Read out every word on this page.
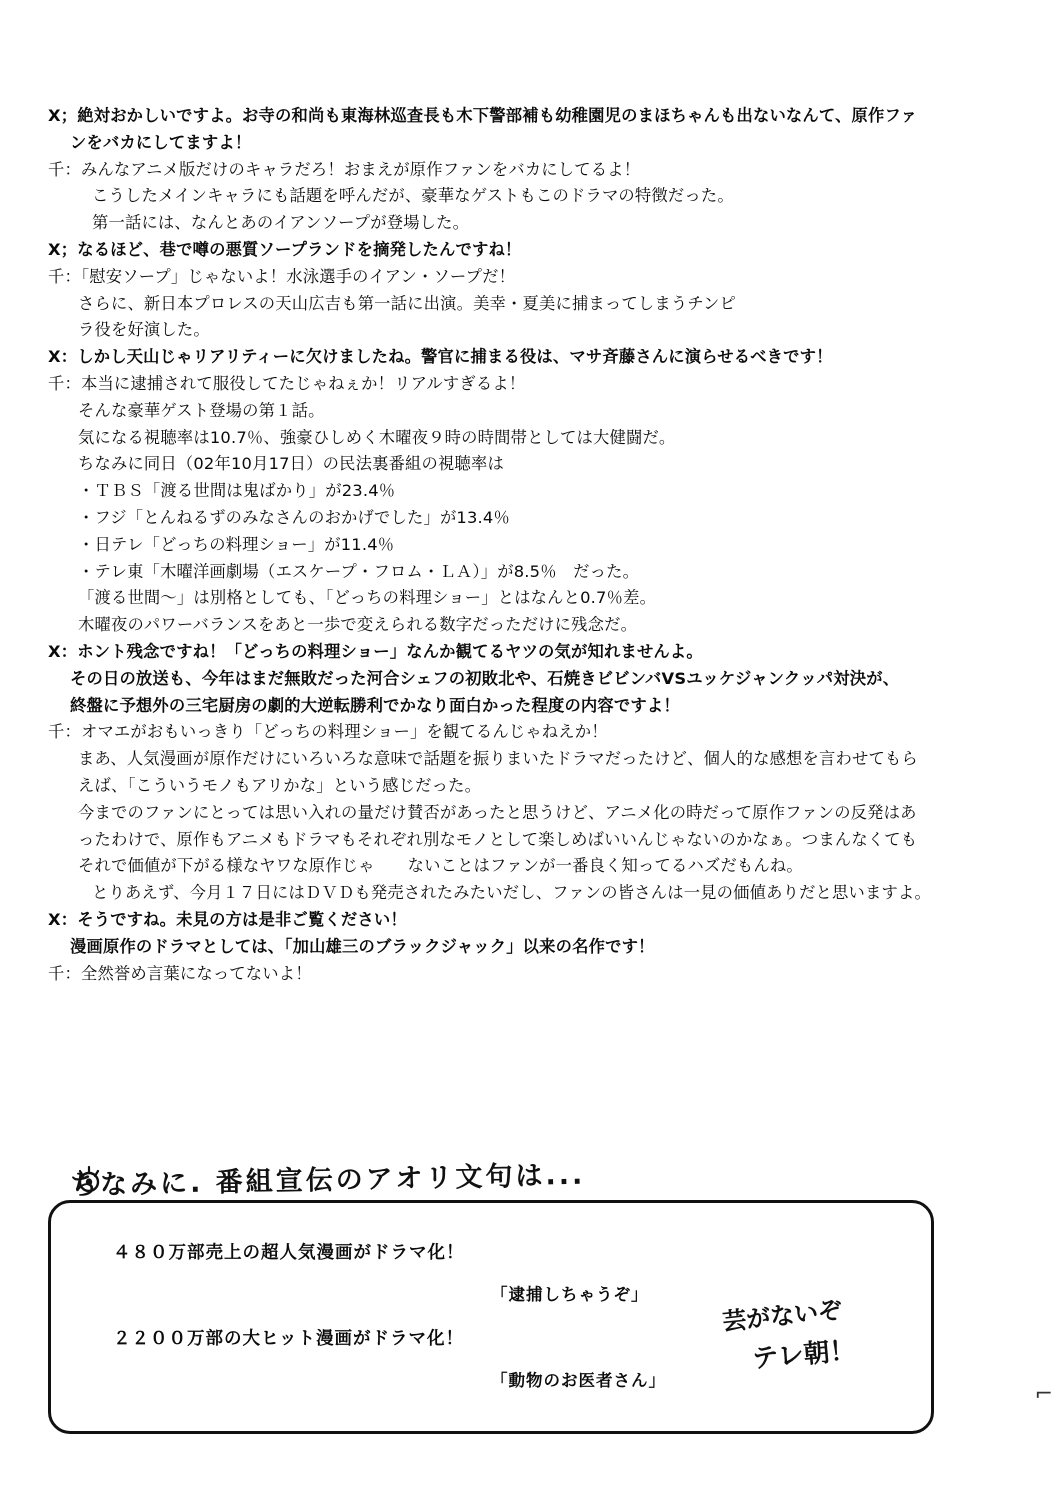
X；絶対おかしいですよ。お寺の和尚も東海林巡査長も木下警部補も幼稚園児のまほちゃんも出ないなんて、原作ファ
ンをバカにしてますよ！
千：みんなアニメ版だけのキャラだろ！おまえが原作ファンをバカにしてるよ！
こうしたメインキャラにも話題を呼んだが、豪華なゲストもこのドラマの特徴だった。
第一話には、なんとあのイアンソープが登場した。
X；なるほど、巷で噂の悪質ソープランドを摘発したんですね！
千：「慰安ソープ」じゃないよ！水泳選手のイアン・ソープだ！
さらに、新日本プロレスの天山広吉も第一話に出演。美幸・夏美に捕まってしまうチンピ
ラ役を好演した。
X：しかし天山じゃリアリティーに欠けましたね。警官に捕まる役は、マサ斉藤さんに演らせるべきです！
千：本当に逮捕されて服役してたじゃねぇか！リアルすぎるよ！
そんな豪華ゲスト登場の第１話。
気になる視聴率は10.7％、強豪ひしめく木曜夜９時の時間帯としては大健闘だ。
ちなみに同日（02年10月17日）の民法裏番組の視聴率は
・ＴＢＳ「渡る世間は鬼ばかり」が23.4％
・フジ「とんねるずのみなさんのおかげでした」が13.4％
・日テレ「どっちの料理ショー」が11.4％
・テレ東「木曜洋画劇場（エスケープ・フロム・ＬＡ）」が8.5％　だった。
「渡る世間〜」は別格としても、「どっちの料理ショー」とはなんと0.7％差。
木曜夜のパワーバランスをあと一歩で変えられる数字だっただけに残念だ。
X：ホント残念ですね！「どっちの料理ショー」なんか観てるヤツの気が知れませんよ。
その日の放送も、今年はまだ無敗だった河合シェフの初敗北や、石焼きビビンバVSユッケジャンクッパ対決が、
終盤に予想外の三宅厨房の劇的大逆転勝利でかなり面白かった程度の内容ですよ！
千：オマエがおもいっきり「どっちの料理ショー」を観てるんじゃねえか！
まあ、人気漫画が原作だけにいろいろな意味で話題を振りまいたドラマだったけど、個人的な感想を言わせてもら
えば、「こういうモノもアリかな」という感じだった。
今までのファンにとっては思い入れの量だけ賛否があったと思うけど、アニメ化の時だって原作ファンの反発はあ
ったわけで、原作もアニメもドラマもそれぞれ別なモノとして楽しめばいいんじゃないのかなぁ。つまんなくても
それで価値が下がる様なヤワな原作じゃ　　ないことはファンが一番良く知ってるハズだもんね。
とりあえず、今月１７日にはＤＶＤも発売されたみたいだし、ファンの皆さんは一見の価値ありだと思いますよ。
X：そうですね。未見の方は是非ご覧ください！
漫画原作のドラマとしては、「加山雄三のブラックジャック」以来の名作です！
千：全然誉め言葉になってないよ！
ちなみに. 番組宣伝のアオリ文句は...
４８０万部売上の超人気漫画がドラマ化！
「逮捕しちゃうぞ」
２２００万部の大ヒット漫画がドラマ化！
「動物のお医者さん」
芸がないぞ
テレ朝！
⌐
